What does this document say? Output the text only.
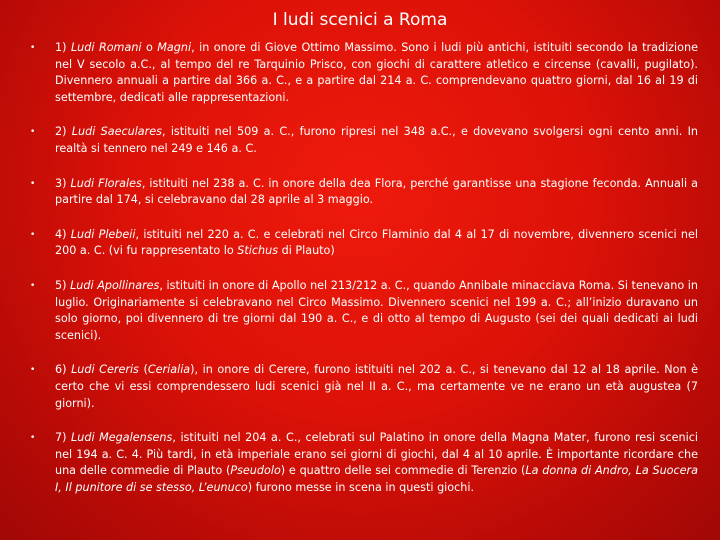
I ludi scenici a Roma
• 1) Ludi Romani o Magni, in onore di Giove Ottimo Massimo. Sono i ludi più antichi, istituiti secondo la tradizione nel V secolo a.C., al tempo del re Tarquinio Prisco, con giochi di carattere atletico e circense (cavalli, pugilato). Divennero annuali a partire dal 366 a. C., e a partire dal 214 a. C. comprendevano quattro giorni, dal 16 al 19 di settembre, dedicati alle rappresentazioni.
• 2) Ludi Saeculares, istituiti nel 509 a. C., furono ripresi nel 348 a.C., e dovevano svolgersi ogni cento anni. In realtà si tennero nel 249 e 146 a. C.
• 3) Ludi Florales, istituiti nel 238 a. C. in onore della dea Flora, perché garantisse una stagione feconda. Annuali a partire dal 174, si celebravano dal 28 aprile al 3 maggio.
• 4) Ludi Plebeii, istituiti nel 220 a. C. e celebrati nel Circo Flaminio dal 4 al 17 di novembre, divennero scenici nel 200 a. C. (vi fu rappresentato lo Stichus di Plauto)
• 5) Ludi Apollinares, istituiti in onore di Apollo nel 213/212 a. C., quando Annibale minacciava Roma. Si tenevano in luglio. Originariamente si celebravano nel Circo Massimo. Divennero scenici nel 199 a. C.; all’inizio duravano un solo giorno, poi divennero di tre giorni dal 190 a. C., e di otto al tempo di Augusto (sei dei quali dedicati ai ludi scenici).
• 6) Ludi Cereris (Cerialia), in onore di Cerere, furono istituiti nel 202 a. C., si tenevano dal 12 al 18 aprile. Non è certo che vi essi comprendessero ludi scenici già nel II a. C., ma certamente ve ne erano un età augustea (7 giorni).
• 7) Ludi Megalensens, istituiti nel 204 a. C., celebrati sul Palatino in onore della Magna Mater, furono resi scenici nel 194 a. C. 4. Più tardi, in età imperiale erano sei giorni di giochi, dal 4 al 10 aprile. È importante ricordare che una delle commedie di Plauto (Pseudolo) e quattro delle sei commedie di Terenzio (La donna di Andro, La Suocera I, Il punitore di se stesso, L’eunuco) furono messe in scena in questi giochi.
